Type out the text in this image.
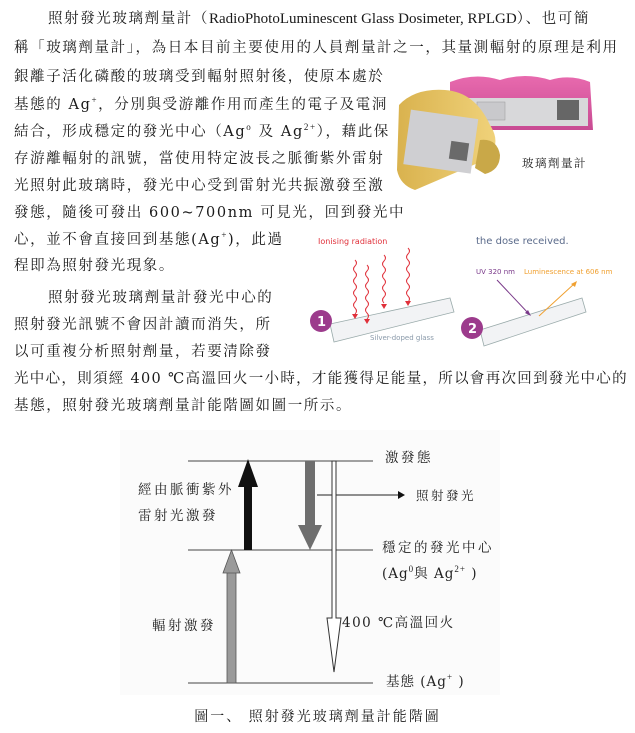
照射發光玻璃劑量計（RadioPhotoLuminescent Glass Dosimeter, RPLGD）、也可簡
稱「玻璃劑量計」，為日本目前主要使用的人員劑量計之一，其量測輻射的原理是利用
銀離子活化磷酸的玻璃受到輻射照射後，使原本處於
基態的 Ag+，分別與受游離作用而產生的電子及電洞
結合，形成穩定的發光中心（Ag$^o$ 及 $Ag^{2+}$），藉此保
存游離輻射的訊號，當使用特定波長之脈衝紫外雷射
光照射此玻璃時，發光中心受到雷射光共振激發至激
發態，隨後可發出 600~700nm 可見光，回到發光中
心，並不會直接回到基態(Ag+)，此過
程即為照射發光現象。
玻璃劑量計
Ionising radiation	the dose received.
UV 320 nm Luminescence at 606 nm
Silver-doped glass
1	2
照射發光玻璃劑量計發光中心的
照射發光訊號不會因計讀而消失，所
以可重複分析照射劑量，若要清除發
光中心，則須經 400 ℃高溫回火一小時，才能獲得足能量，所以會再次回到發光中心的
基態，照射發光玻璃劑量計能階圖如圖一所示。
激發態
經由脈衝紫外
雷射光激發
照射發光
穩定的發光中心
(Ag$^0$與 $Ag^{2+}$ )
輻射激發	400 ℃高溫回火
基態 (Ag+ )
圖一、 照射發光玻璃劑量計能階圖
